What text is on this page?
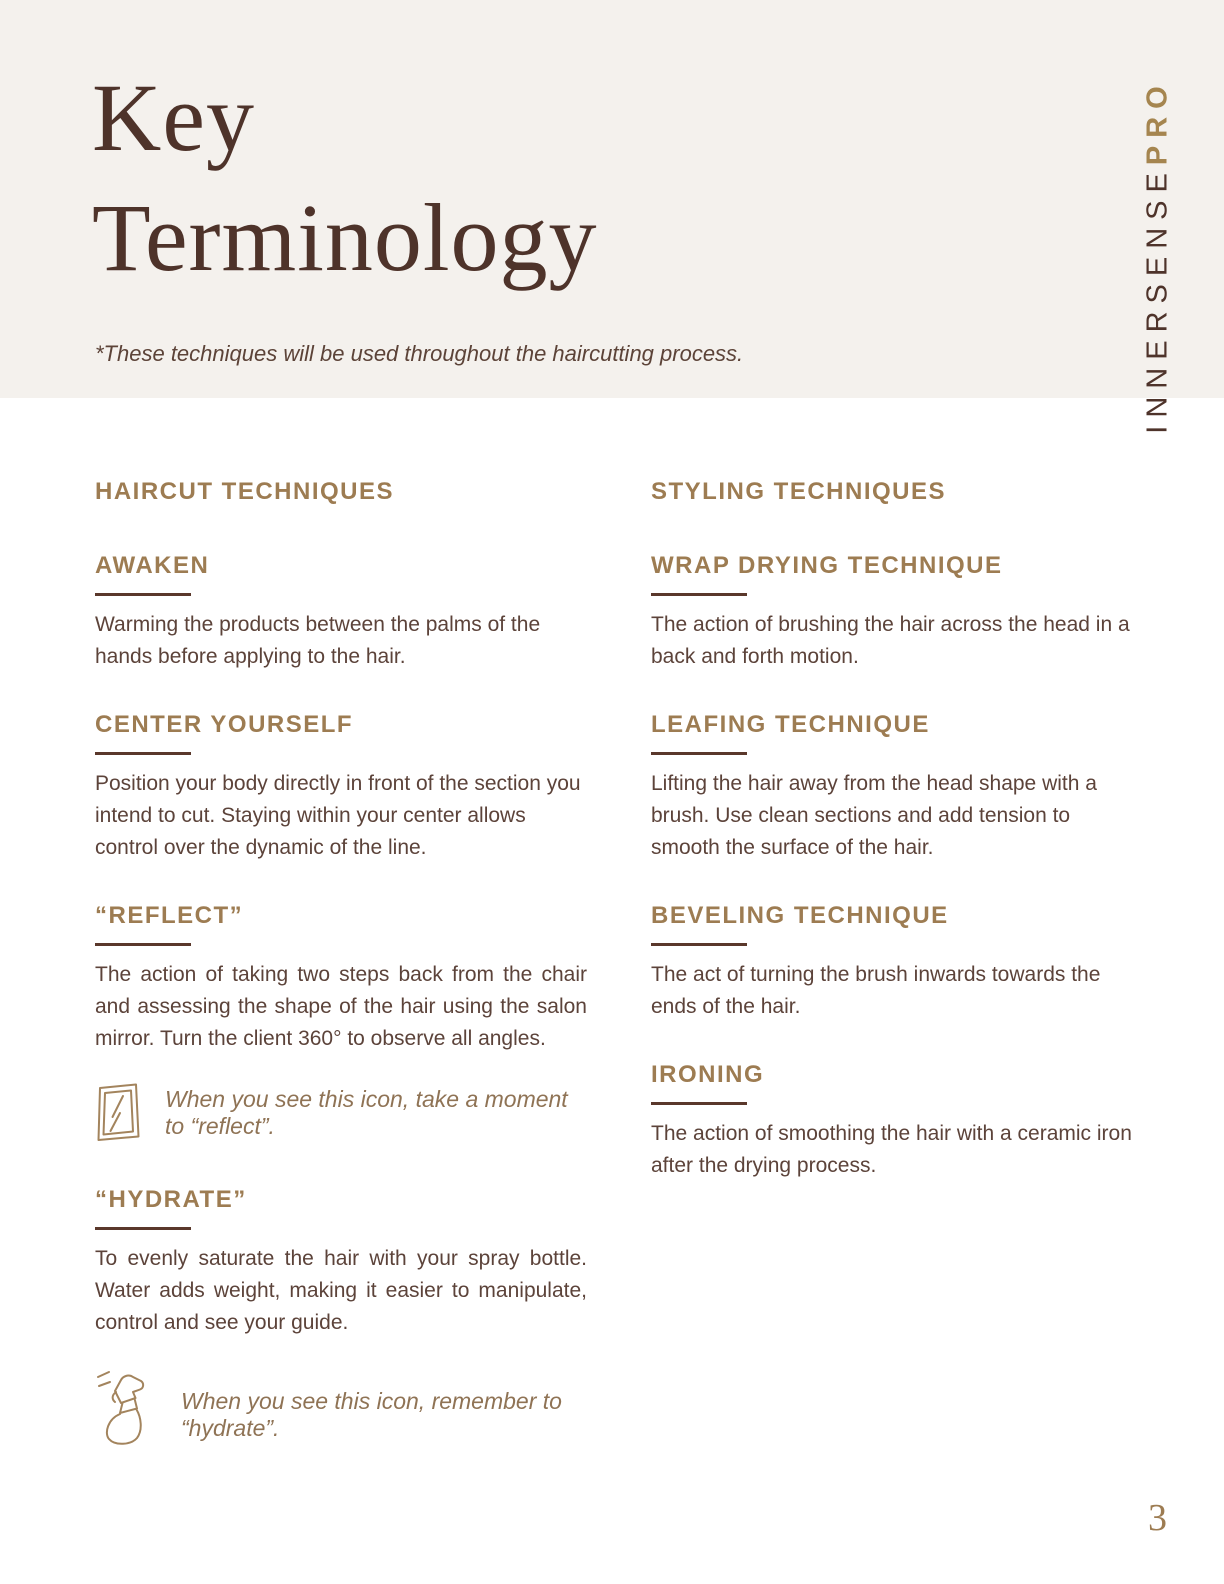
Key
Terminology
*These techniques will be used throughout the haircutting process.	INNERSENSEPRO
HAIRCUT TECHNIQUES
AWAKEN

Warming the products between the palms of the hands before applying to the hair.

CENTER YOURSELF

Position your body directly in front of the section you intend to cut. Staying within your center allows control over the dynamic of the line.

“REFLECT”

The action of taking two steps back from the chair and assessing the shape of the hair using the salon mirror. Turn the client 360° to observe all angles.

When you see this icon, take a moment to “reflect”.
“HYDRATE”

To evenly saturate the hair with your spray bottle. Water adds weight, making it easier to manipulate, control and see your guide.

When you see this icon, remember to “hydrate”.
STYLING TECHNIQUES
WRAP DRYING TECHNIQUE

The action of brushing the hair across the head in a back and forth motion.

LEAFING TECHNIQUE

Lifting the hair away from the head shape with a brush. Use clean sections and add tension to smooth the surface of the hair.

BEVELING TECHNIQUE

The act of turning the brush inwards towards the ends of the hair.

IRONING

The action of smoothing the hair with a ceramic iron after the drying process.

3
